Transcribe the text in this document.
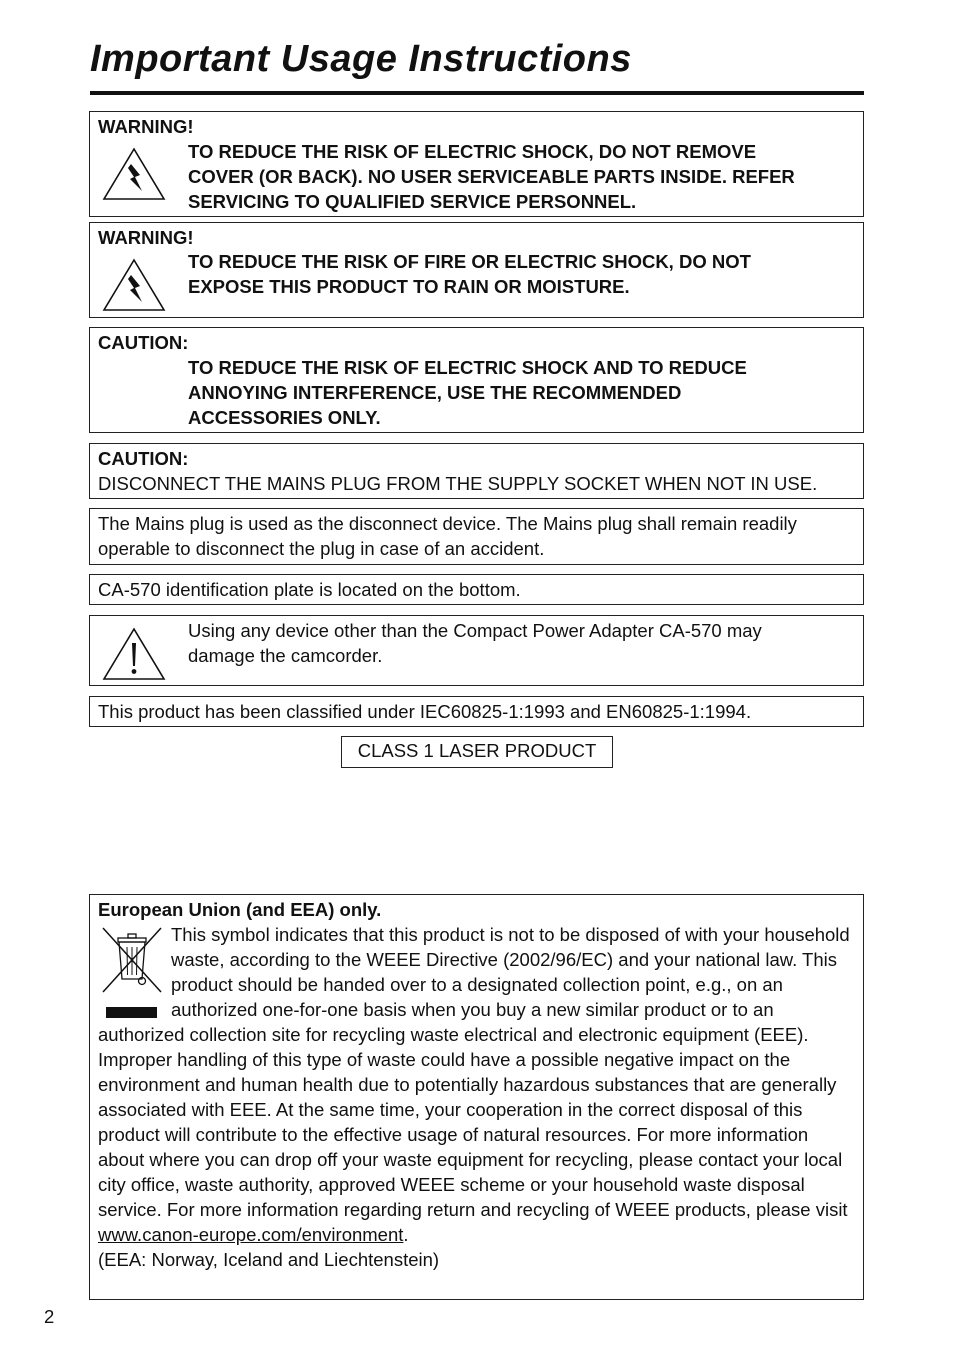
Important Usage Instructions
WARNING!
TO REDUCE THE RISK OF ELECTRIC SHOCK, DO NOT REMOVE
COVER (OR BACK). NO USER SERVICEABLE PARTS INSIDE. REFER
SERVICING TO QUALIFIED SERVICE PERSONNEL.
WARNING!
TO REDUCE THE RISK OF FIRE OR ELECTRIC SHOCK, DO NOT
EXPOSE THIS PRODUCT TO RAIN OR MOISTURE.
CAUTION:
TO REDUCE THE RISK OF ELECTRIC SHOCK AND TO REDUCE
ANNOYING INTERFERENCE, USE THE RECOMMENDED
ACCESSORIES ONLY.
CAUTION:
DISCONNECT THE MAINS PLUG FROM THE SUPPLY SOCKET WHEN NOT IN USE.
The Mains plug is used as the disconnect device. The Mains plug shall remain readily
operable to disconnect the plug in case of an accident.
CA-570 identification plate is located on the bottom.
Using any device other than the Compact Power Adapter CA-570 may
damage the camcorder.
This product has been classified under IEC60825-1:1993 and EN60825-1:1994.
CLASS 1 LASER PRODUCT
European Union (and EEA) only.
This symbol indicates that this product is not to be disposed of with your household waste, according to the WEEE Directive (2002/96/EC) and your national law. This product should be handed over to a designated collection point, e.g., on an authorized one-for-one basis when you buy a new similar product or to an authorized collection site for recycling waste electrical and electronic equipment (EEE). Improper handling of this type of waste could have a possible negative impact on the environment and human health due to potentially hazardous substances that are generally associated with EEE. At the same time, your cooperation in the correct disposal of this product will contribute to the effective usage of natural resources. For more information about where you can drop off your waste equipment for recycling, please contact your local city office, waste authority, approved WEEE scheme or your household waste disposal service. For more information regarding return and recycling of WEEE products, please visit
www.canon-europe.com/environment.
(EEA: Norway, Iceland and Liechtenstein)
2
